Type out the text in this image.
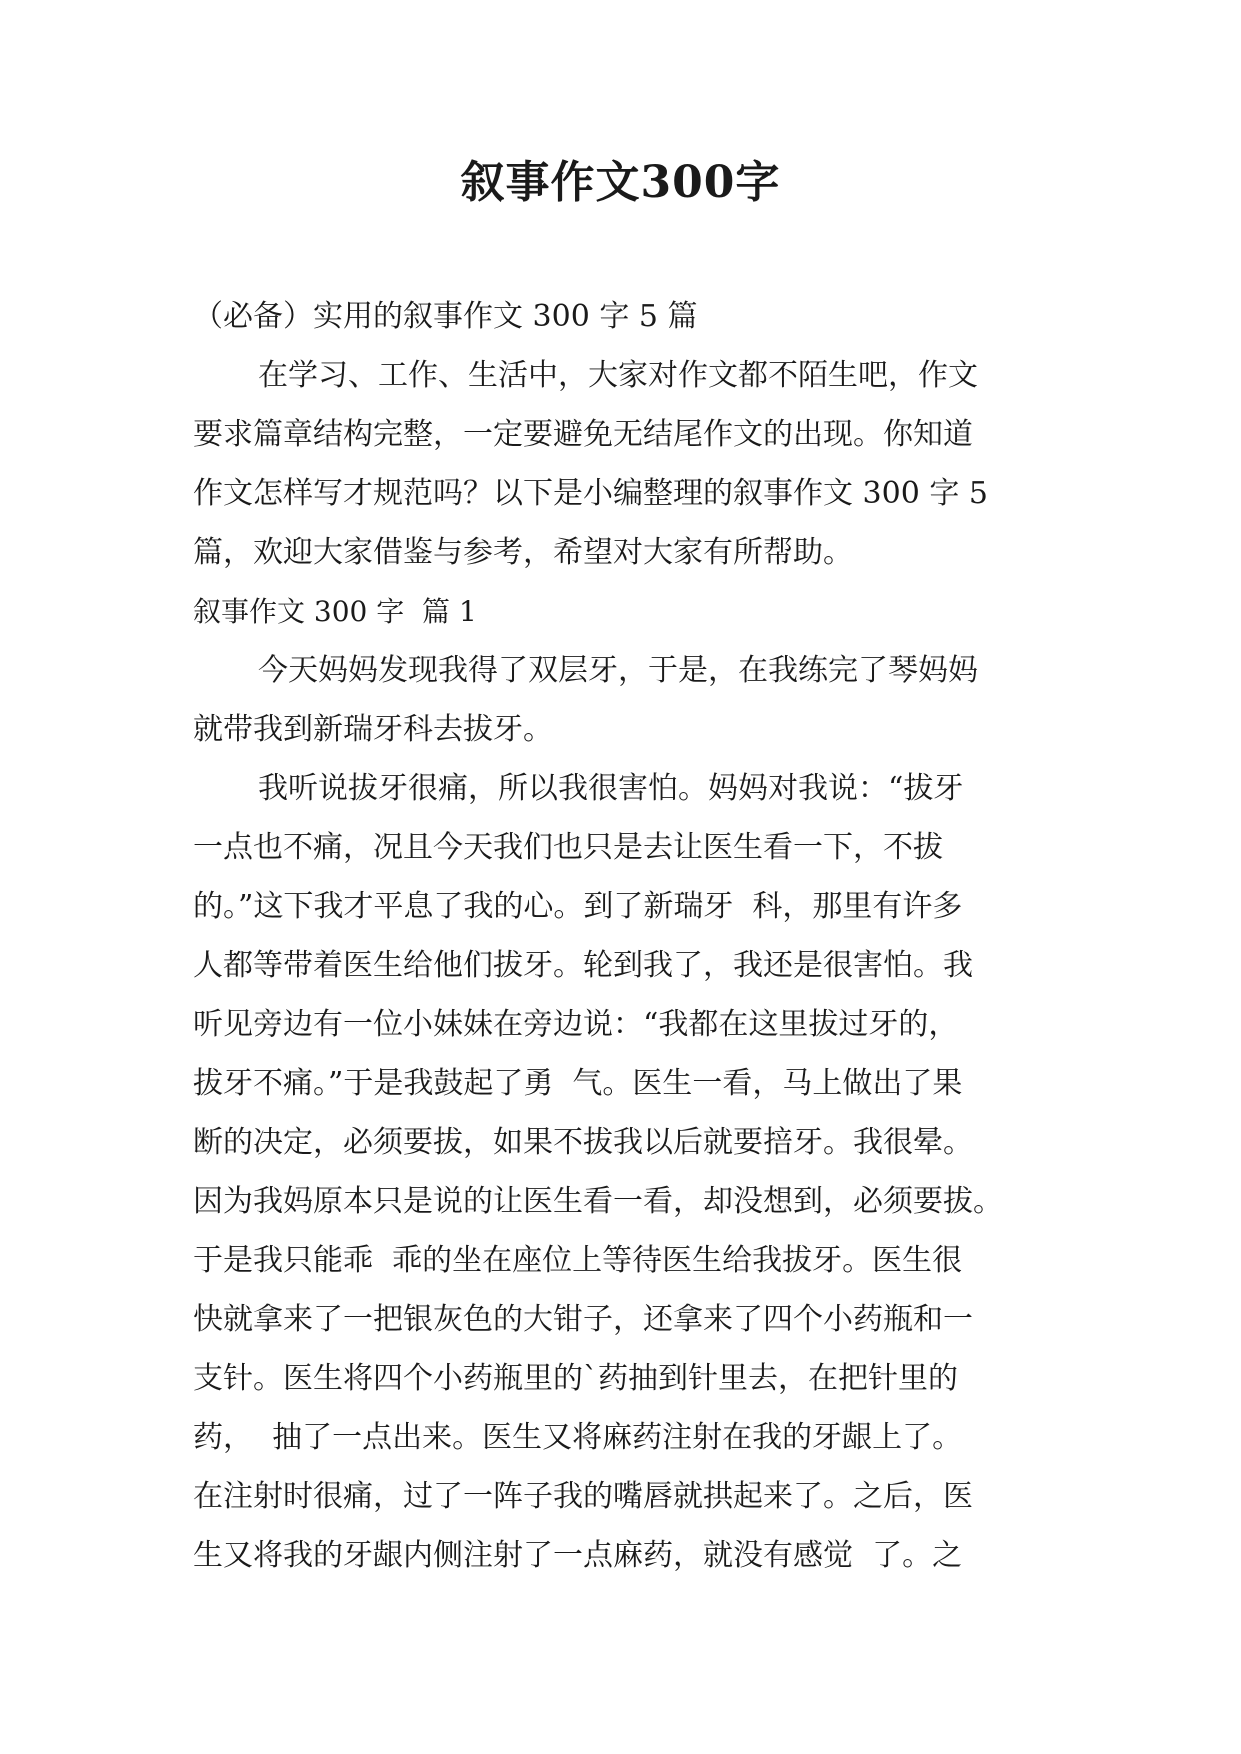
叙事作文300字
（必备）实用的叙事作文 300 字 5 篇
在学习、工作、生活中，大家对作文都不陌生吧，作文
要求篇章结构完整，一定要避免无结尾作文的出现。你知道
作文怎样写才规范吗？以下是小编整理的叙事作文 300 字 5
篇，欢迎大家借鉴与参考，希望对大家有所帮助。
叙事作文 300 字  篇 1
今天妈妈发现我得了双层牙，于是，在我练完了琴妈妈
就带我到新瑞牙科去拔牙。
我听说拔牙很痛，所以我很害怕。妈妈对我说：“拔牙
一点也不痛，况且今天我们也只是去让医生看一下，不拔
的。”这下我才平息了我的心。到了新瑞牙  科，那里有许多
人都等带着医生给他们拔牙。轮到我了，我还是很害怕。我
听见旁边有一位小妹妹在旁边说：“我都在这里拔过牙的，
拔牙不痛。”于是我鼓起了勇  气。医生一看，马上做出了果
断的决定，必须要拔，如果不拔我以后就要掊牙。我很晕。
因为我妈原本只是说的让医生看一看，却没想到，必须要拔。
于是我只能乖  乖的坐在座位上等待医生给我拔牙。医生很
快就拿来了一把银灰色的大钳子，还拿来了四个小药瓶和一
支针。医生将四个小药瓶里的`药抽到针里去，在把针里的
药，  抽了一点出来。医生又将麻药注射在我的牙龈上了。
在注射时很痛，过了一阵子我的嘴唇就拱起来了。之后，医
生又将我的牙龈内侧注射了一点麻药，就没有感觉  了。之
